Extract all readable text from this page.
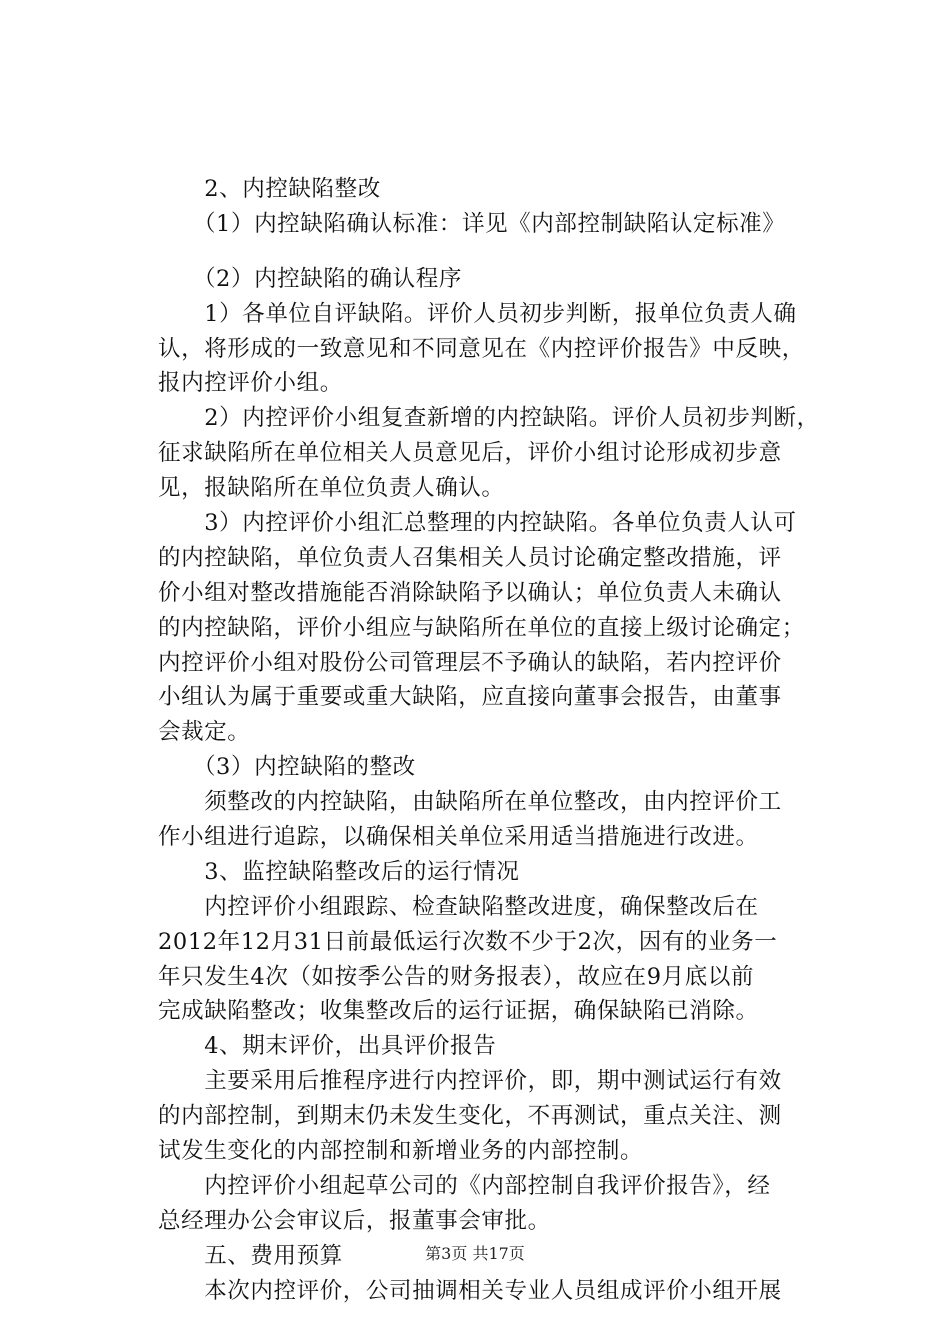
　　2、内控缺陷整改
　　（1）内控缺陷确认标准：详见《内部控制缺陷认定标准》
　　（2）内控缺陷的确认程序
　　1）各单位自评缺陷。评价人员初步判断，报单位负责人确
认，将形成的一致意见和不同意见在《内控评价报告》中反映，
报内控评价小组。
　　2）内控评价小组复查新增的内控缺陷。评价人员初步判断，
征求缺陷所在单位相关人员意见后，评价小组讨论形成初步意
见，报缺陷所在单位负责人确认。
　　3）内控评价小组汇总整理的内控缺陷。各单位负责人认可
的内控缺陷，单位负责人召集相关人员讨论确定整改措施，评
价小组对整改措施能否消除缺陷予以确认；单位负责人未确认
的内控缺陷，评价小组应与缺陷所在单位的直接上级讨论确定；
内控评价小组对股份公司管理层不予确认的缺陷，若内控评价
小组认为属于重要或重大缺陷，应直接向董事会报告，由董事
会裁定。
　　（3）内控缺陷的整改
　　须整改的内控缺陷，由缺陷所在单位整改，由内控评价工
作小组进行追踪，以确保相关单位采用适当措施进行改进。
　　3、监控缺陷整改后的运行情况
　　内控评价小组跟踪、检查缺陷整改进度，确保整改后在
2012年12月31日前最低运行次数不少于2次，因有的业务一
年只发生4次（如按季公告的财务报表），故应在9月底以前
完成缺陷整改；收集整改后的运行证据，确保缺陷已消除。
　　4、期末评价，出具评价报告
　　主要采用后推程序进行内控评价，即，期中测试运行有效
的内部控制，到期末仍未发生变化，不再测试，重点关注、测
试发生变化的内部控制和新增业务的内部控制。
　　内控评价小组起草公司的《内部控制自我评价报告》，经
总经理办公会审议后，报董事会审批。
　　五、费用预算
　　本次内控评价，公司抽调相关专业人员组成评价小组开展
第3页 共17页
